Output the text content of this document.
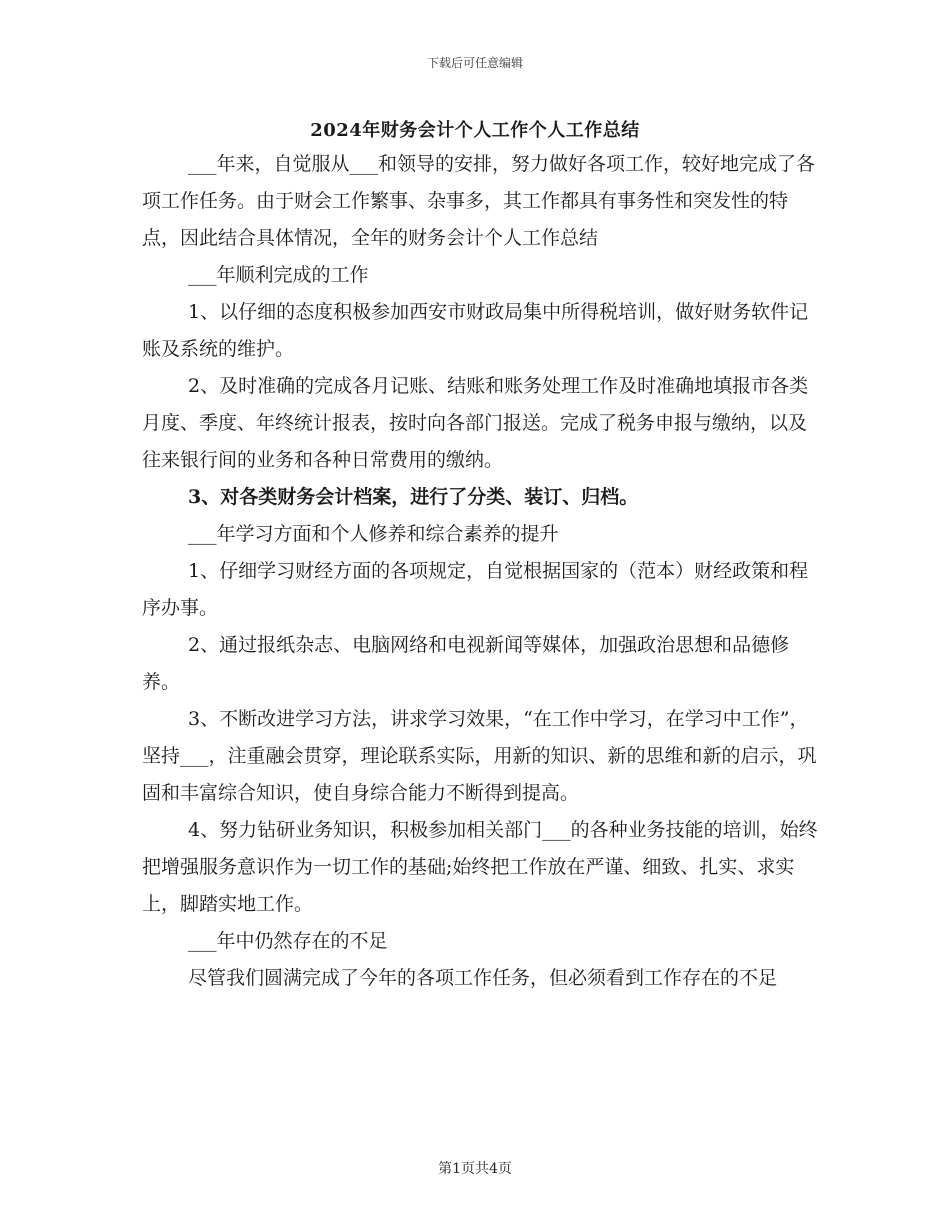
下载后可任意编辑
2024年财务会计个人工作个人工作总结

___年来，自觉服从___和领导的安排，努力做好各项工作，较好地完成了各项工作任务。由于财会工作繁事、杂事多，其工作都具有事务性和突发性的特点，因此结合具体情况，全年的财务会计个人工作总结

___年顺利完成的工作

1、以仔细的态度积极参加西安市财政局集中所得税培训，做好财务软件记账及系统的维护。

2、及时准确的完成各月记账、结账和账务处理工作及时准确地填报市各类月度、季度、年终统计报表，按时向各部门报送。完成了税务申报与缴纳，以及往来银行间的业务和各种日常费用的缴纳。

3、对各类财务会计档案，进行了分类、装订、归档。

___年学习方面和个人修养和综合素养的提升

1、仔细学习财经方面的各项规定，自觉根据国家的（范本）财经政策和程序办事。

2、通过报纸杂志、电脑网络和电视新闻等媒体，加强政治思想和品德修养。

3、不断改进学习方法，讲求学习效果，“在工作中学习，在学习中工作”，坚持___，注重融会贯穿，理论联系实际，用新的知识、新的思维和新的启示，巩固和丰富综合知识，使自身综合能力不断得到提高。

4、努力钻研业务知识，积极参加相关部门___的各种业务技能的培训，始终把增强服务意识作为一切工作的基础;始终把工作放在严谨、细致、扎实、求实上，脚踏实地工作。

___年中仍然存在的不足

尽管我们圆满完成了今年的各项工作任务，但必须看到工作存在的不足

第1页共4页
